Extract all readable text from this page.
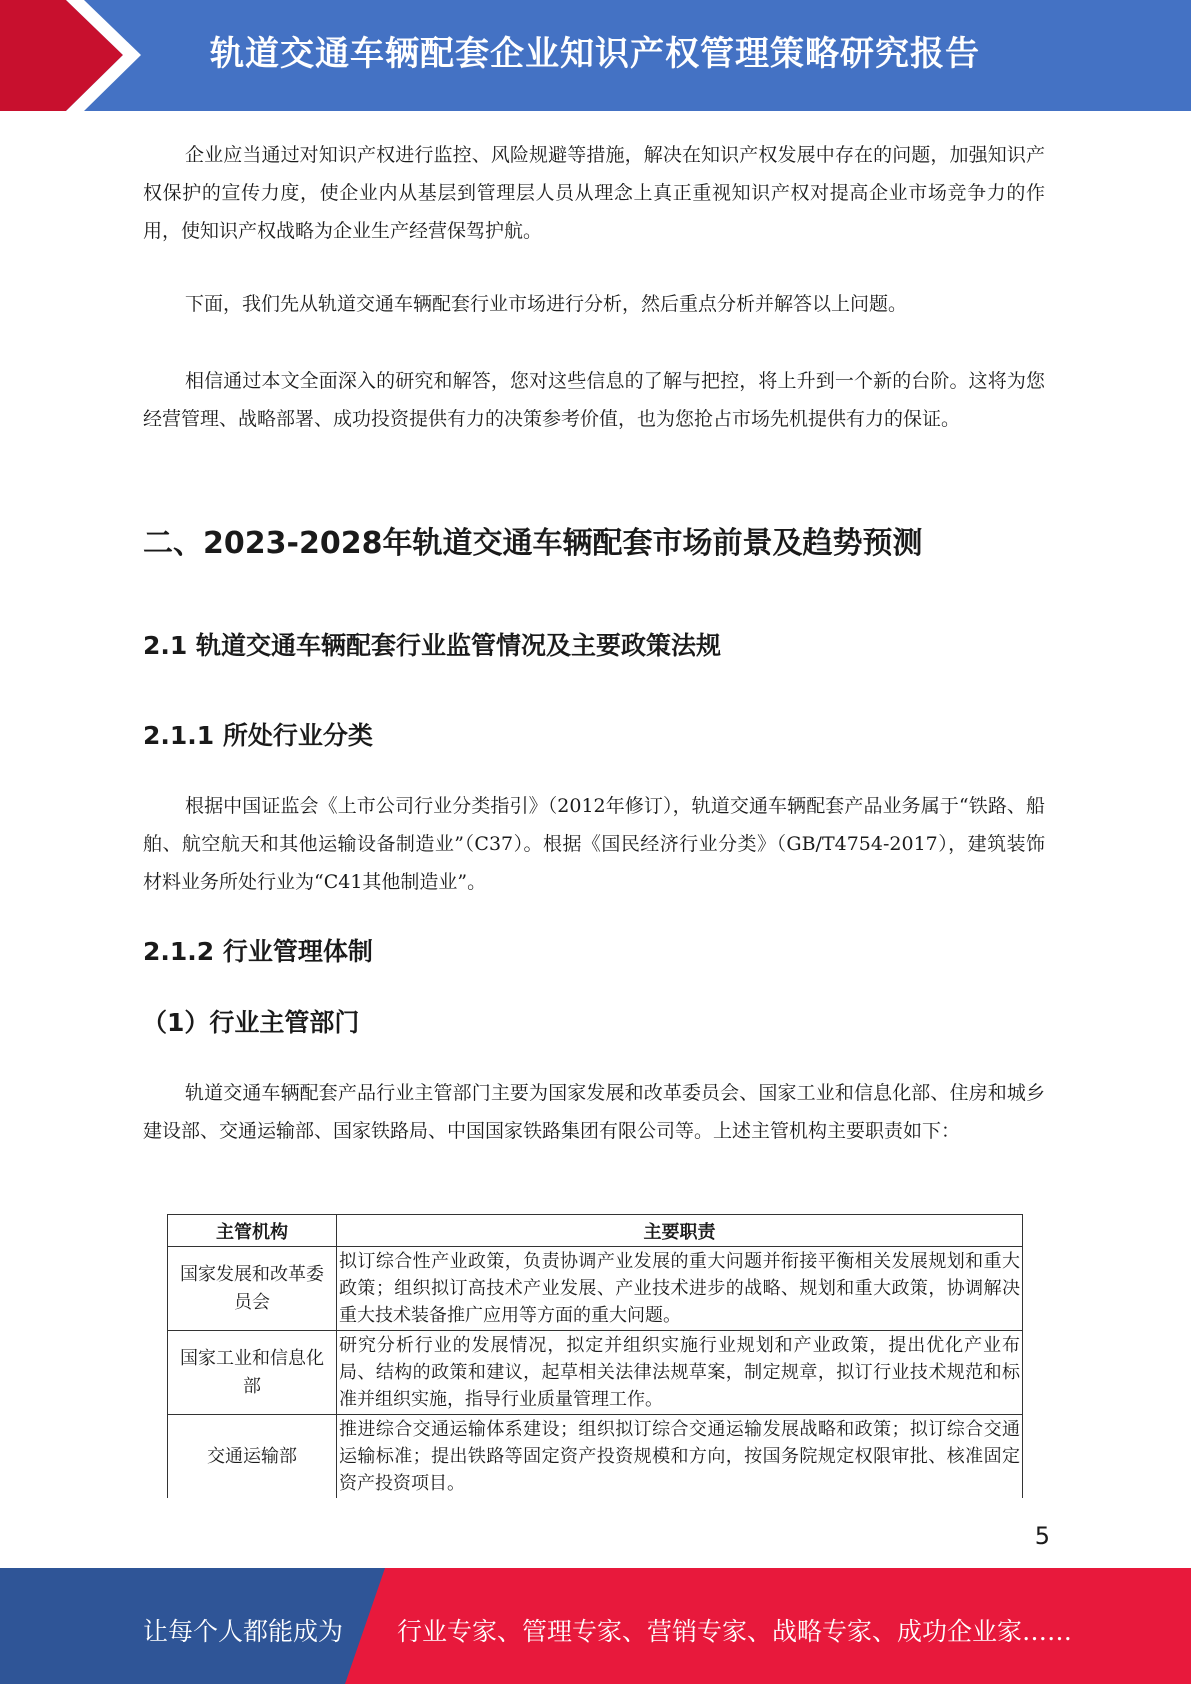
轨道交通车辆配套企业知识产权管理策略研究报告

企业应当通过对知识产权进行监控、风险规避等措施，解决在知识产权发展中存在的问题，加强知识产权保护的宣传力度，使企业内从基层到管理层人员从理念上真正重视知识产权对提高企业市场竞争力的作用，使知识产权战略为企业生产经营保驾护航。

下面，我们先从轨道交通车辆配套行业市场进行分析，然后重点分析并解答以上问题。

相信通过本文全面深入的研究和解答，您对这些信息的了解与把控，将上升到一个新的台阶。这将为您经营管理、战略部署、成功投资提供有力的决策参考价值，也为您抢占市场先机提供有力的保证。

二、2023-2028年轨道交通车辆配套市场前景及趋势预测
2.1 轨道交通车辆配套行业监管情况及主要政策法规
2.1.1 所处行业分类

根据中国证监会《上市公司行业分类指引》（2012年修订），轨道交通车辆配套产品业务属于“铁路、船舶、航空航天和其他运输设备制造业”（C37）。根据《国民经济行业分类》（GB/T4754-2017），建筑装饰材料业务所处行业为“C41其他制造业”。

2.1.2 行业管理体制
（1）行业主管部门

轨道交通车辆配套产品行业主管部门主要为国家发展和改革委员会、国家工业和信息化部、住房和城乡建设部、交通运输部、国家铁路局、中国国家铁路集团有限公司等。上述主管机构主要职责如下：

主管机构	主要职责
国家发展和改革委员会	拟订综合性产业政策，负责协调产业发展的重大问题并衔接平衡相关发展规划和重大政策；组织拟订高技术产业发展、产业技术进步的战略、规划和重大政策，协调解决重大技术装备推广应用等方面的重大问题。
国家工业和信息化部	研究分析行业的发展情况，拟定并组织实施行业规划和产业政策，提出优化产业布局、结构的政策和建议，起草相关法律法规草案，制定规章，拟订行业技术规范和标准并组织实施，指导行业质量管理工作。
交通运输部	推进综合交通运输体系建设；组织拟订综合交通运输发展战略和政策；拟订综合交通运输标准；提出铁路等固定资产投资规模和方向，按国务院规定权限审批、核准固定资产投资项目。
5
让每个人都能成为 行业专家、管理专家、营销专家、战略专家、成功企业家……
